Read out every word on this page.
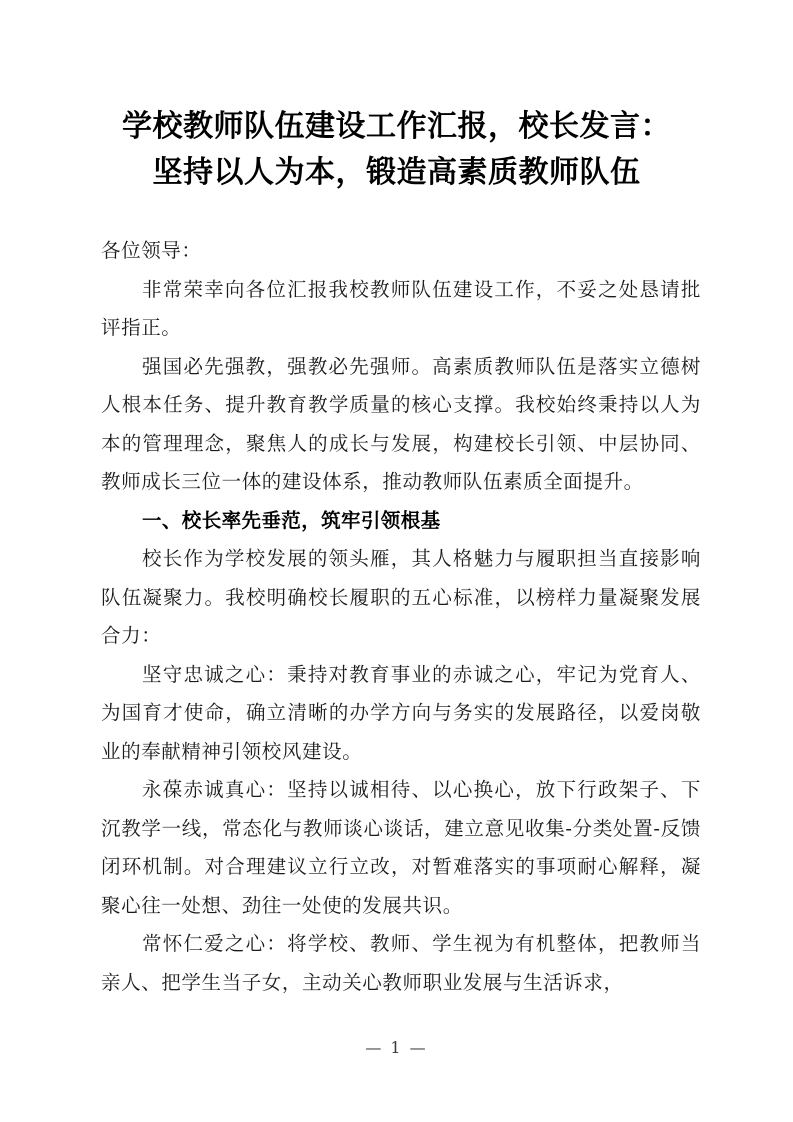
学校教师队伍建设工作汇报，校长发言：
坚持以人为本，锻造高素质教师队伍

各位领导：

非常荣幸向各位汇报我校教师队伍建设工作，不妥之处恳请批评指正。

强国必先强教，强教必先强师。高素质教师队伍是落实立德树人根本任务、提升教育教学质量的核心支撑。我校始终秉持以人为本的管理理念，聚焦人的成长与发展，构建校长引领、中层协同、教师成长三位一体的建设体系，推动教师队伍素质全面提升。

一、校长率先垂范，筑牢引领根基

校长作为学校发展的领头雁，其人格魅力与履职担当直接影响队伍凝聚力。我校明确校长履职的五心标准，以榜样力量凝聚发展合力：

坚守忠诚之心：秉持对教育事业的赤诚之心，牢记为党育人、为国育才使命，确立清晰的办学方向与务实的发展路径，以爱岗敬业的奉献精神引领校风建设。

永葆赤诚真心：坚持以诚相待、以心换心，放下行政架子、下沉教学一线，常态化与教师谈心谈话，建立意见收集-分类处置-反馈闭环机制。对合理建议立行立改，对暂难落实的事项耐心解释，凝聚心往一处想、劲往一处使的发展共识。

常怀仁爱之心：将学校、教师、学生视为有机整体，把教师当亲人、把学生当子女，主动关心教师职业发展与生活诉求，

— 1 —
